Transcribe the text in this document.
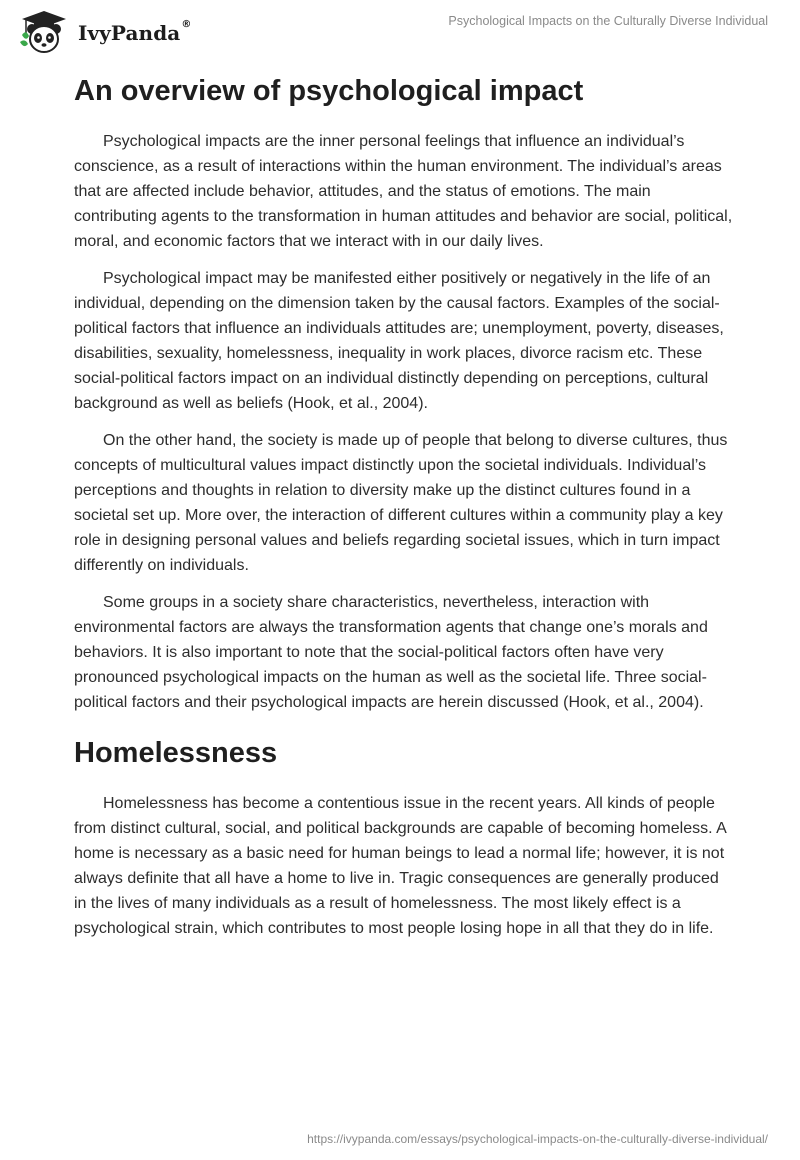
IvyPanda®	Psychological Impacts on the Culturally Diverse Individual
An overview of psychological impact

Psychological impacts are the inner personal feelings that influence an individual’s conscience, as a result of interactions within the human environment. The individual’s areas that are affected include behavior, attitudes, and the status of emotions. The main contributing agents to the transformation in human attitudes and behavior are social, political, moral, and economic factors that we interact with in our daily lives.

Psychological impact may be manifested either positively or negatively in the life of an individual, depending on the dimension taken by the causal factors. Examples of the social-political factors that influence an individuals attitudes are; unemployment, poverty, diseases, disabilities, sexuality, homelessness, inequality in work places, divorce racism etc. These social-political factors impact on an individual distinctly depending on perceptions, cultural background as well as beliefs (Hook, et al., 2004).

On the other hand, the society is made up of people that belong to diverse cultures, thus concepts of multicultural values impact distinctly upon the societal individuals. Individual’s perceptions and thoughts in relation to diversity make up the distinct cultures found in a societal set up. More over, the interaction of different cultures within a community play a key role in designing personal values and beliefs regarding societal issues, which in turn impact differently on individuals.

Some groups in a society share characteristics, nevertheless, interaction with environmental factors are always the transformation agents that change one’s morals and behaviors. It is also important to note that the social-political factors often have very pronounced psychological impacts on the human as well as the societal life. Three social-political factors and their psychological impacts are herein discussed (Hook, et al., 2004).

Homelessness

Homelessness has become a contentious issue in the recent years. All kinds of people from distinct cultural, social, and political backgrounds are capable of becoming homeless. A home is necessary as a basic need for human beings to lead a normal life; however, it is not always definite that all have a home to live in. Tragic consequences are generally produced in the lives of many individuals as a result of homelessness. The most likely effect is a psychological strain, which contributes to most people losing hope in all that they do in life.

https://ivypanda.com/essays/psychological-impacts-on-the-culturally-diverse-individual/
